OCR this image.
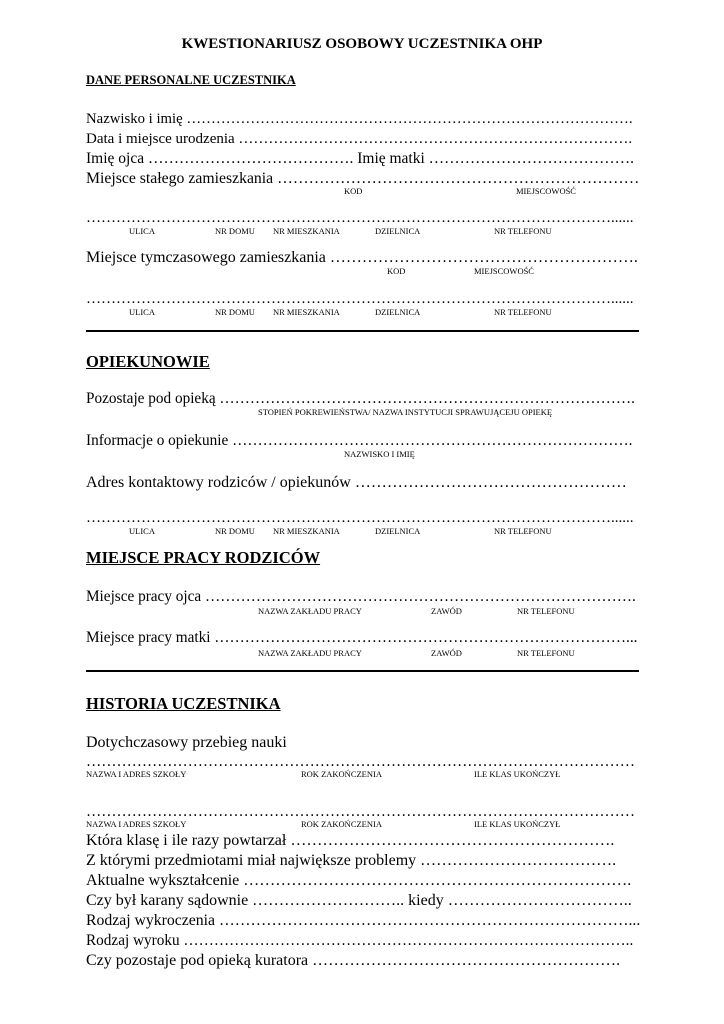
KWESTIONARIUSZ OSOBOWY UCZESTNIKA OHP
DANE PERSONALNE UCZESTNIKA
Nazwisko i imię ……………………………………………………………………………….
Data i miejsce urodzenia …………………………………………………………………….
Imię ojca …………………………………. Imię matki ………………………………….
Miejsce stałego zamieszkania ……………………………………………………………
KOD	MIEJSCOWOŚĆ
……………………………………………………………………………………………......
ULICA	NR DOMU NR MIESZKANIA	DZIELNICA	NR TELEFONU
Miejsce tymczasowego zamieszkania ………………………………………………….
KOD	MIEJSCOWOŚĆ
……………………………………………………………………………………………......
ULICA	NR DOMU NR MIESZKANIA	DZIELNICA	NR TELEFONU
OPIEKUNOWIE
Pozostaje pod opieką ……………………………………………………………………….
STOPIEŃ POKREWIEŃSTWA/ NAZWA INSTYTUCJI SPRAWUJĄCEJU OPIEKĘ
Informacje o opiekunie …………………………………………………………………….
NAZWISKO I IMIĘ
Adres kontaktowy rodziców / opiekunów ……………………………………………
……………………………………………………………………………………………......
ULICA	NR DOMU NR MIESZKANIA	DZIELNICA	NR TELEFONU
MIEJSCE PRACY RODZICÓW
Miejsce pracy ojca ………………………………………………………………………….
NAZWA ZAKŁADU PRACY	ZAWÓD	NR TELEFONU
Miejsce pracy matki ………………………………………………………………………...
NAZWA ZAKŁADU PRACY	ZAWÓD	NR TELEFONU
HISTORIA UCZESTNIKA
Dotychczasowy przebieg nauki
………………………………………………………………………………………………
NAZWA I ADRES SZKOŁY	ROK ZAKOŃCZENIA	ILE KLAS UKOŃCZYŁ
………………………………………………………………………………………………
NAZWA I ADRES SZKOŁY	ROK ZAKOŃCZENIA	ILE KLAS UKOŃCZYŁ
Która klasę i ile razy powtarzał …………………………………………………….
Z którymi przedmiotami miał największe problemy ……………………………….
Aktualne wykształcenie ……………………………………………………………….
Czy był karany sądownie ……………………….. kiedy ……………………………..
Rodzaj wykroczenia ……………………………………………………………………...
Rodzaj wyroku ……………………………………………………………………………..
Czy pozostaje pod opieką kuratora ………………………………………………….
